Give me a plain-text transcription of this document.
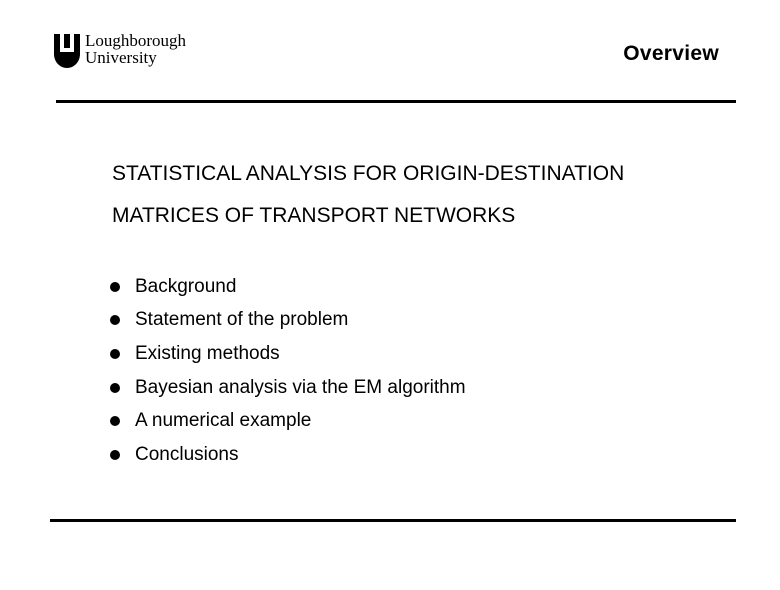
Loughborough
University	Overview
STATISTICAL ANALYSIS FOR ORIGIN-DESTINATION
MATRICES OF TRANSPORT NETWORKS
Background
Statement of the problem
Existing methods
Bayesian analysis via the EM algorithm
A numerical example
Conclusions
